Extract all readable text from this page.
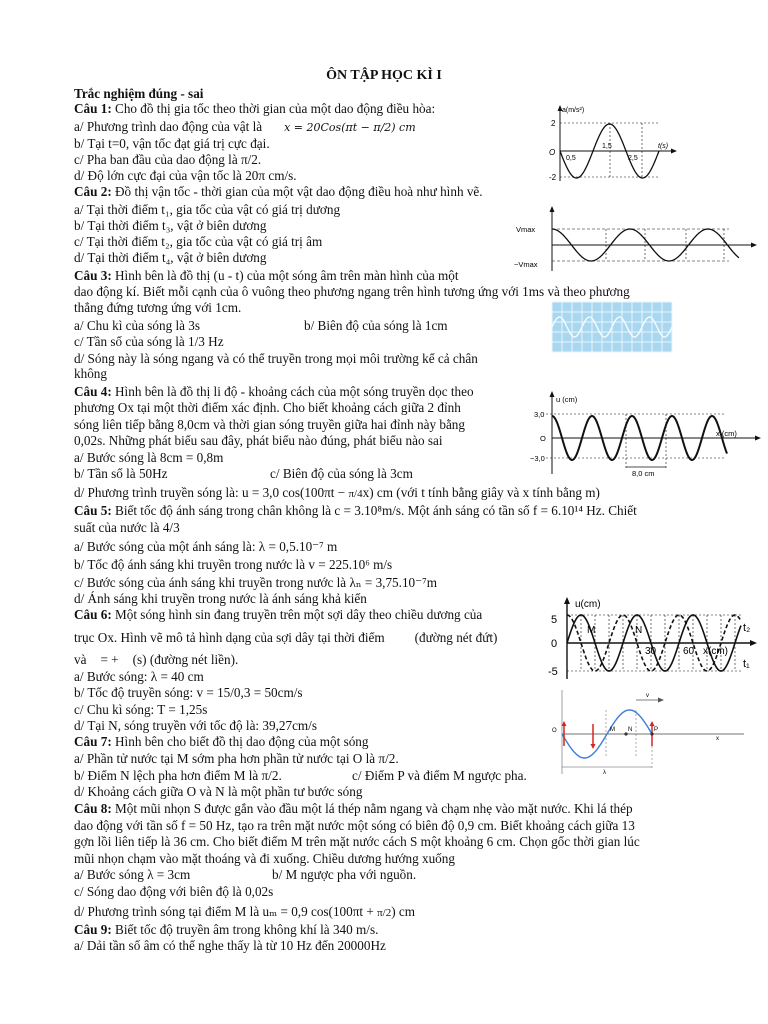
ÔN TẬP HỌC KÌ I
Trắc nghiệm đúng - sai
Câu 1: Cho đồ thị gia tốc theo thời gian của một dao động điều hòa:
a/ Phương trình dao động của vật là x = 20Cos(πt − π/2) cm
b/ Tại t=0, vận tốc đạt giá trị cực đại.
c/ Pha ban đầu của dao động là π/2.
d/ Độ lớn cực đại của vận tốc là 20π cm/s.
a(m/s²)
2
-2
O
0,5
1,5
2,5
t(s)
Câu 2: Đồ thị vận tốc - thời gian của một vật dao động điều hoà như hình vẽ.
a/ Tại thời điểm t₁, gia tốc của vật có giá trị dương
b/ Tại thời điểm t₃, vật ở biên dương
c/ Tại thời điểm t₂, gia tốc của vật có giá trị âm
d/ Tại thời điểm t₄, vật ở biên dương
Vmax
−Vmax
Câu 3: Hình bên là đồ thị (u - t) của một sóng âm trên màn hình của một
dao động kí. Biết mỗi cạnh của ô vuông theo phương ngang trên hình tương ứng với 1ms và theo phương
thẳng đứng tương ứng với 1cm.
a/ Chu kì của sóng là 3s	b/ Biên độ của sóng là 1cm
c/ Tần số của sóng là 1/3 Hz
d/ Sóng này là sóng ngang và có thể truyền trong mọi môi trường kể cả chân
không
Câu 4: Hình bên là đồ thị li độ - khoảng cách của một sóng truyền dọc theo
phương Ox tại một thời điểm xác định. Cho biết khoảng cách giữa 2 đỉnh
sóng liên tiếp bằng 8,0cm và thời gian sóng truyền giữa hai đỉnh này bằng
0,02s. Những phát biểu sau đây, phát biểu nào đúng, phát biểu nào sai
a/ Bước sóng là 8cm = 0,8m
b/ Tần số là 50Hz	c/ Biên độ của sóng là 3cm
d/ Phương trình truyền sóng là: u = 3,0 cos(100πt − π/4x) cm (với t tính bằng giây và x tính bằng m)
u (cm)
3,0
−3,0
O
x (cm)
8,0 cm
Câu 5: Biết tốc độ ánh sáng trong chân không là c = 3.10⁸m/s. Một ánh sáng có tần số f = 6.10¹⁴ Hz. Chiết
suất của nước là 4/3
a/ Bước sóng của một ánh sáng là: λ = 0,5.10⁻⁷ m
b/ Tốc độ ánh sáng khi truyền trong nước là v = 225.10⁶ m/s
c/ Bước sóng của ánh sáng khi truyền trong nước là λₙ = 3,75.10⁻⁷m
d/ Ánh sáng khi truyền trong nước là ánh sáng khả kiến
Câu 6: Một sóng hình sin đang truyền trên một sợi dây theo chiều dương của
trục Ox. Hình vẽ mô tả hình dạng của sợi dây tại thời điểm (đường nét đứt)
và = + (s) (đường nét liền).
a/ Bước sóng: λ = 40 cm
b/ Tốc độ truyền sóng: v = 15/0,3 = 50cm/s
c/ Chu kì sóng: T = 1,25s
d/ Tại N, sóng truyền với tốc độ là: 39,27cm/s
u(cm)
5
0
-5
M	N
30	60 x(cm)
t₂
t₁
Câu 7: Hình bên cho biết đồ thị dao động của một sóng
a/ Phần tử nước tại M sớm pha hơn phần tử nước tại O là π/2.
b/ Điểm N lệch pha hơn điểm M là π/2.	c/ Điểm P và điểm M ngược pha.
d/ Khoảng cách giữa O và N là một phần tư bước sóng
O	M N	P
v
x
λ
Câu 8: Một mũi nhọn S được gắn vào đầu một lá thép nằm ngang và chạm nhẹ vào mặt nước. Khi lá thép
dao động với tần số f = 50 Hz, tạo ra trên mặt nước một sóng có biên độ 0,9 cm. Biết khoảng cách giữa 13
gợn lồi liên tiếp là 36 cm. Cho biết điểm M trên mặt nước cách S một khoảng 6 cm. Chọn gốc thời gian lúc
mũi nhọn chạm vào mặt thoáng và đi xuống. Chiều dương hướng xuống
a/ Bước sóng λ = 3cm	b/ M ngược pha với nguồn.
c/ Sóng dao động với biên độ là 0,02s
d/ Phương trình sóng tại điểm M là uₘ = 0,9 cos(100πt + π/2) cm
Câu 9: Biết tốc độ truyền âm trong không khí là 340 m/s.
a/ Dải tần số âm có thể nghe thấy là từ 10 Hz đến 20000Hz
